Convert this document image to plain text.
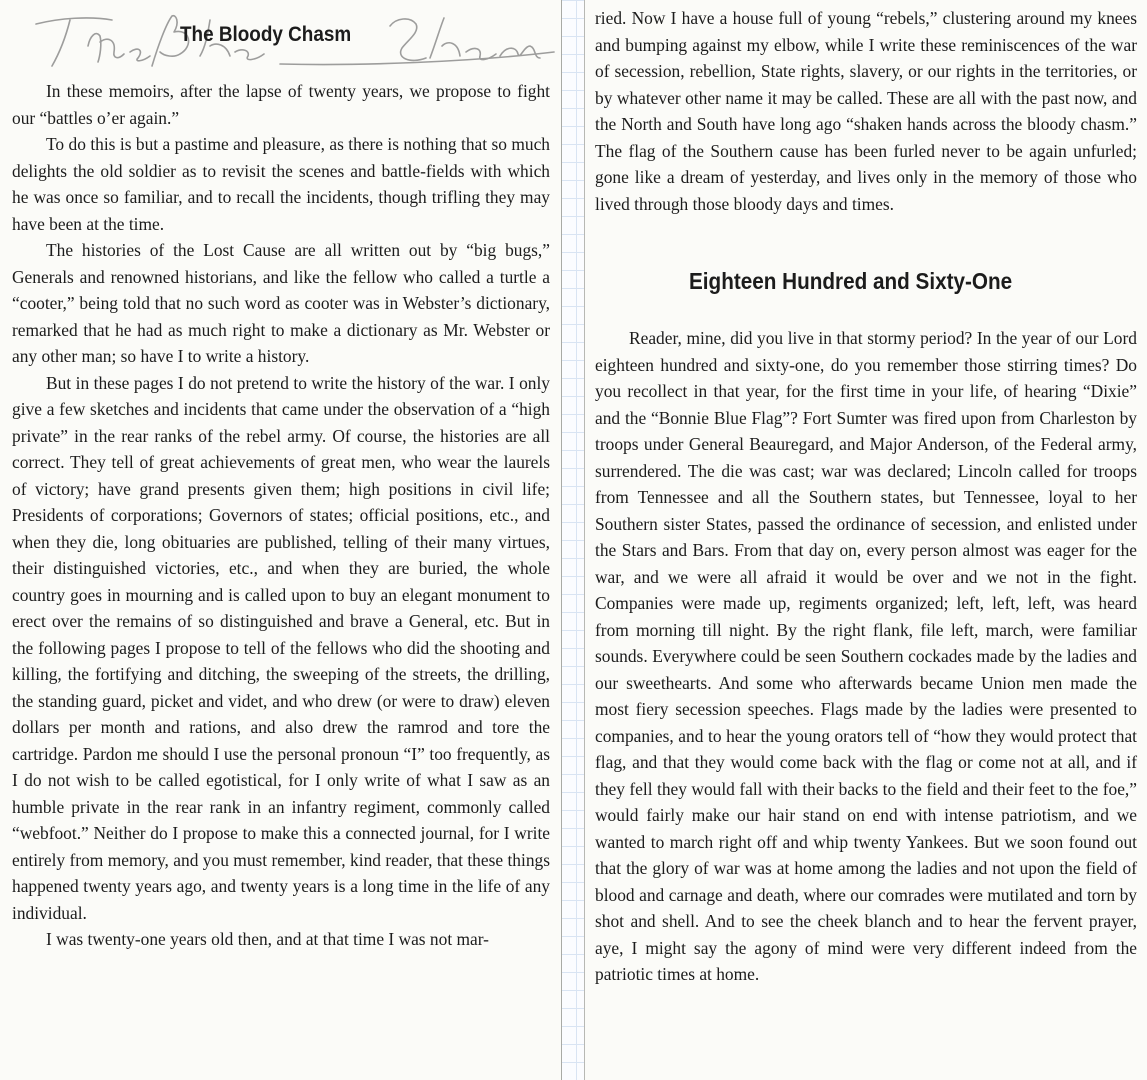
The Bloody Chasm

In these memoirs, after the lapse of twenty years, we propose to fight our “battles o’er again.”

To do this is but a pastime and pleasure, as there is nothing that so much delights the old soldier as to revisit the scenes and battle-fields with which he was once so familiar, and to recall the incidents, though trifling they may have been at the time.

The histories of the Lost Cause are all written out by “big bugs,” Generals and renowned historians, and like the fellow who called a turtle a “cooter,” being told that no such word as cooter was in Webster’s dictionary, remarked that he had as much right to make a dictionary as Mr. Webster or any other man; so have I to write a history.

But in these pages I do not pretend to write the history of the war. I only give a few sketches and incidents that came under the observation of a “high private” in the rear ranks of the rebel army. Of course, the histories are all correct. They tell of great achievements of great men, who wear the laurels of victory; have grand presents given them; high positions in civil life; Presidents of corporations; Governors of states; official positions, etc., and when they die, long obituaries are published, telling of their many virtues, their distinguished victories, etc., and when they are buried, the whole country goes in mourning and is called upon to buy an elegant monument to erect over the remains of so distinguished and brave a General, etc. But in the following pages I propose to tell of the fellows who did the shooting and killing, the fortifying and ditching, the sweeping of the streets, the drilling, the standing guard, picket and videt, and who drew (or were to draw) eleven dollars per month and rations, and also drew the ramrod and tore the cartridge. Pardon me should I use the personal pronoun “I” too frequently, as I do not wish to be called egotistical, for I only write of what I saw as an humble private in the rear rank in an infantry regiment, commonly called “webfoot.” Neither do I propose to make this a connected journal, for I write entirely from memory, and you must remember, kind reader, that these things happened twenty years ago, and twenty years is a long time in the life of any individual.

I was twenty-one years old then, and at that time I was not mar-

ried. Now I have a house full of young “rebels,” clustering around my knees and bumping against my elbow, while I write these reminiscences of the war of secession, rebellion, State rights, slavery, or our rights in the territories, or by whatever other name it may be called. These are all with the past now, and the North and South have long ago “shaken hands across the bloody chasm.” The flag of the Southern cause has been furled never to be again unfurled; gone like a dream of yesterday, and lives only in the memory of those who lived through those bloody days and times.

Eighteen Hundred and Sixty-One

Reader, mine, did you live in that stormy period? In the year of our Lord eighteen hundred and sixty-one, do you remember those stirring times? Do you recollect in that year, for the first time in your life, of hearing “Dixie” and the “Bonnie Blue Flag”? Fort Sumter was fired upon from Charleston by troops under General Beauregard, and Major Anderson, of the Federal army, surrendered. The die was cast; war was declared; Lincoln called for troops from Tennessee and all the Southern states, but Tennessee, loyal to her Southern sister States, passed the ordinance of secession, and enlisted under the Stars and Bars. From that day on, every person almost was eager for the war, and we were all afraid it would be over and we not in the fight. Companies were made up, regiments organized; left, left, left, was heard from morning till night. By the right flank, file left, march, were familiar sounds. Everywhere could be seen Southern cockades made by the ladies and our sweethearts. And some who afterwards became Union men made the most fiery secession speeches. Flags made by the ladies were presented to companies, and to hear the young orators tell of “how they would protect that flag, and that they would come back with the flag or come not at all, and if they fell they would fall with their backs to the field and their feet to the foe,” would fairly make our hair stand on end with intense patriotism, and we wanted to march right off and whip twenty Yankees. But we soon found out that the glory of war was at home among the ladies and not upon the field of blood and carnage and death, where our comrades were mutilated and torn by shot and shell. And to see the cheek blanch and to hear the fervent prayer, aye, I might say the agony of mind were very different indeed from the patriotic times at home.
